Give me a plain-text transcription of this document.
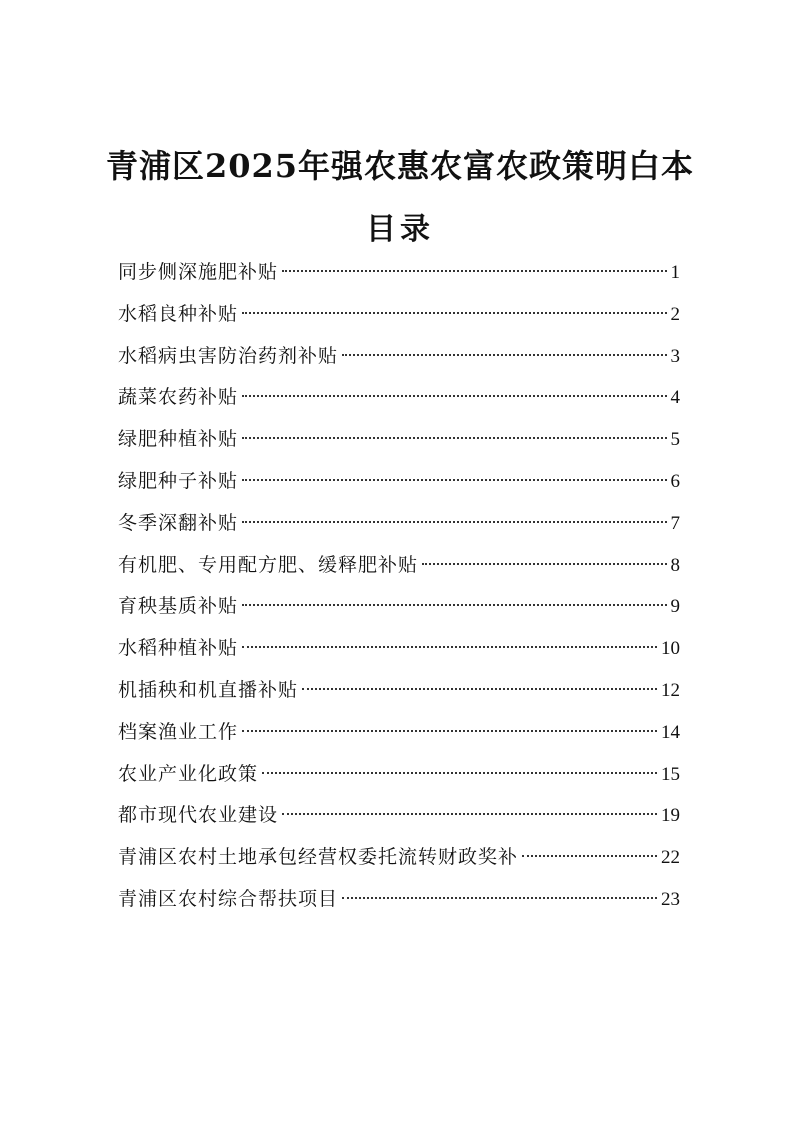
青浦区2025年强农惠农富农政策明白本
目录
同步侧深施肥补贴	1
水稻良种补贴	2
水稻病虫害防治药剂补贴	3
蔬菜农药补贴	4
绿肥种植补贴	5
绿肥种子补贴	6
冬季深翻补贴	7
有机肥、专用配方肥、缓释肥补贴	8
育秧基质补贴	9
水稻种植补贴	10
机插秧和机直播补贴	12
档案渔业工作	14
农业产业化政策	15
都市现代农业建设	19
青浦区农村土地承包经营权委托流转财政奖补	22
青浦区农村综合帮扶项目	23
